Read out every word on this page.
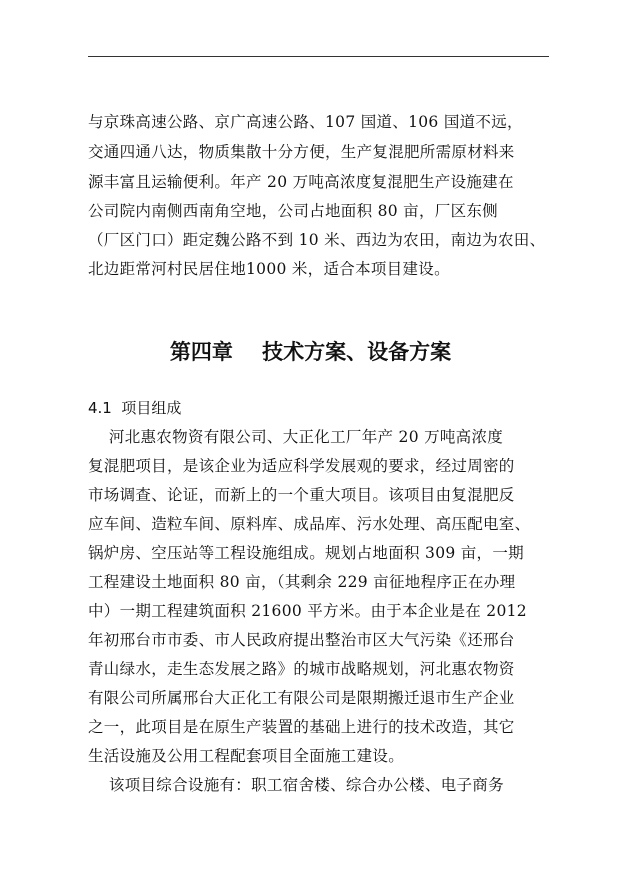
与京珠高速公路、京广高速公路、107 国道、106 国道不远，
交通四通八达，物质集散十分方便，生产复混肥所需原材料来
源丰富且运输便利。年产 20 万吨高浓度复混肥生产设施建在
公司院内南侧西南角空地，公司占地面积 80 亩，厂区东侧
（厂区门口）距定魏公路不到 10 米、西边为农田，南边为农田、
北边距常河村民居住地1000 米，适合本项目建设。
第四章    技术方案、设备方案
4.1  项目组成
河北惠农物资有限公司、大正化工厂年产 20 万吨高浓度
复混肥项目，是该企业为适应科学发展观的要求，经过周密的
市场调查、论证，而新上的一个重大项目。该项目由复混肥反
应车间、造粒车间、原料库、成品库、污水处理、高压配电室、
锅炉房、空压站等工程设施组成。规划占地面积 309 亩，一期
工程建设土地面积 80 亩，（其剩余 229 亩征地程序正在办理
中）一期工程建筑面积 21600 平方米。由于本企业是在 2012
年初邢台市市委、市人民政府提出整治市区大气污染《还邢台
青山绿水，走生态发展之路》的城市战略规划，河北惠农物资
有限公司所属邢台大正化工有限公司是限期搬迁退市生产企业
之一，此项目是在原生产装置的基础上进行的技术改造，其它
生活设施及公用工程配套项目全面施工建设。
该项目综合设施有：职工宿舍楼、综合办公楼、电子商务
